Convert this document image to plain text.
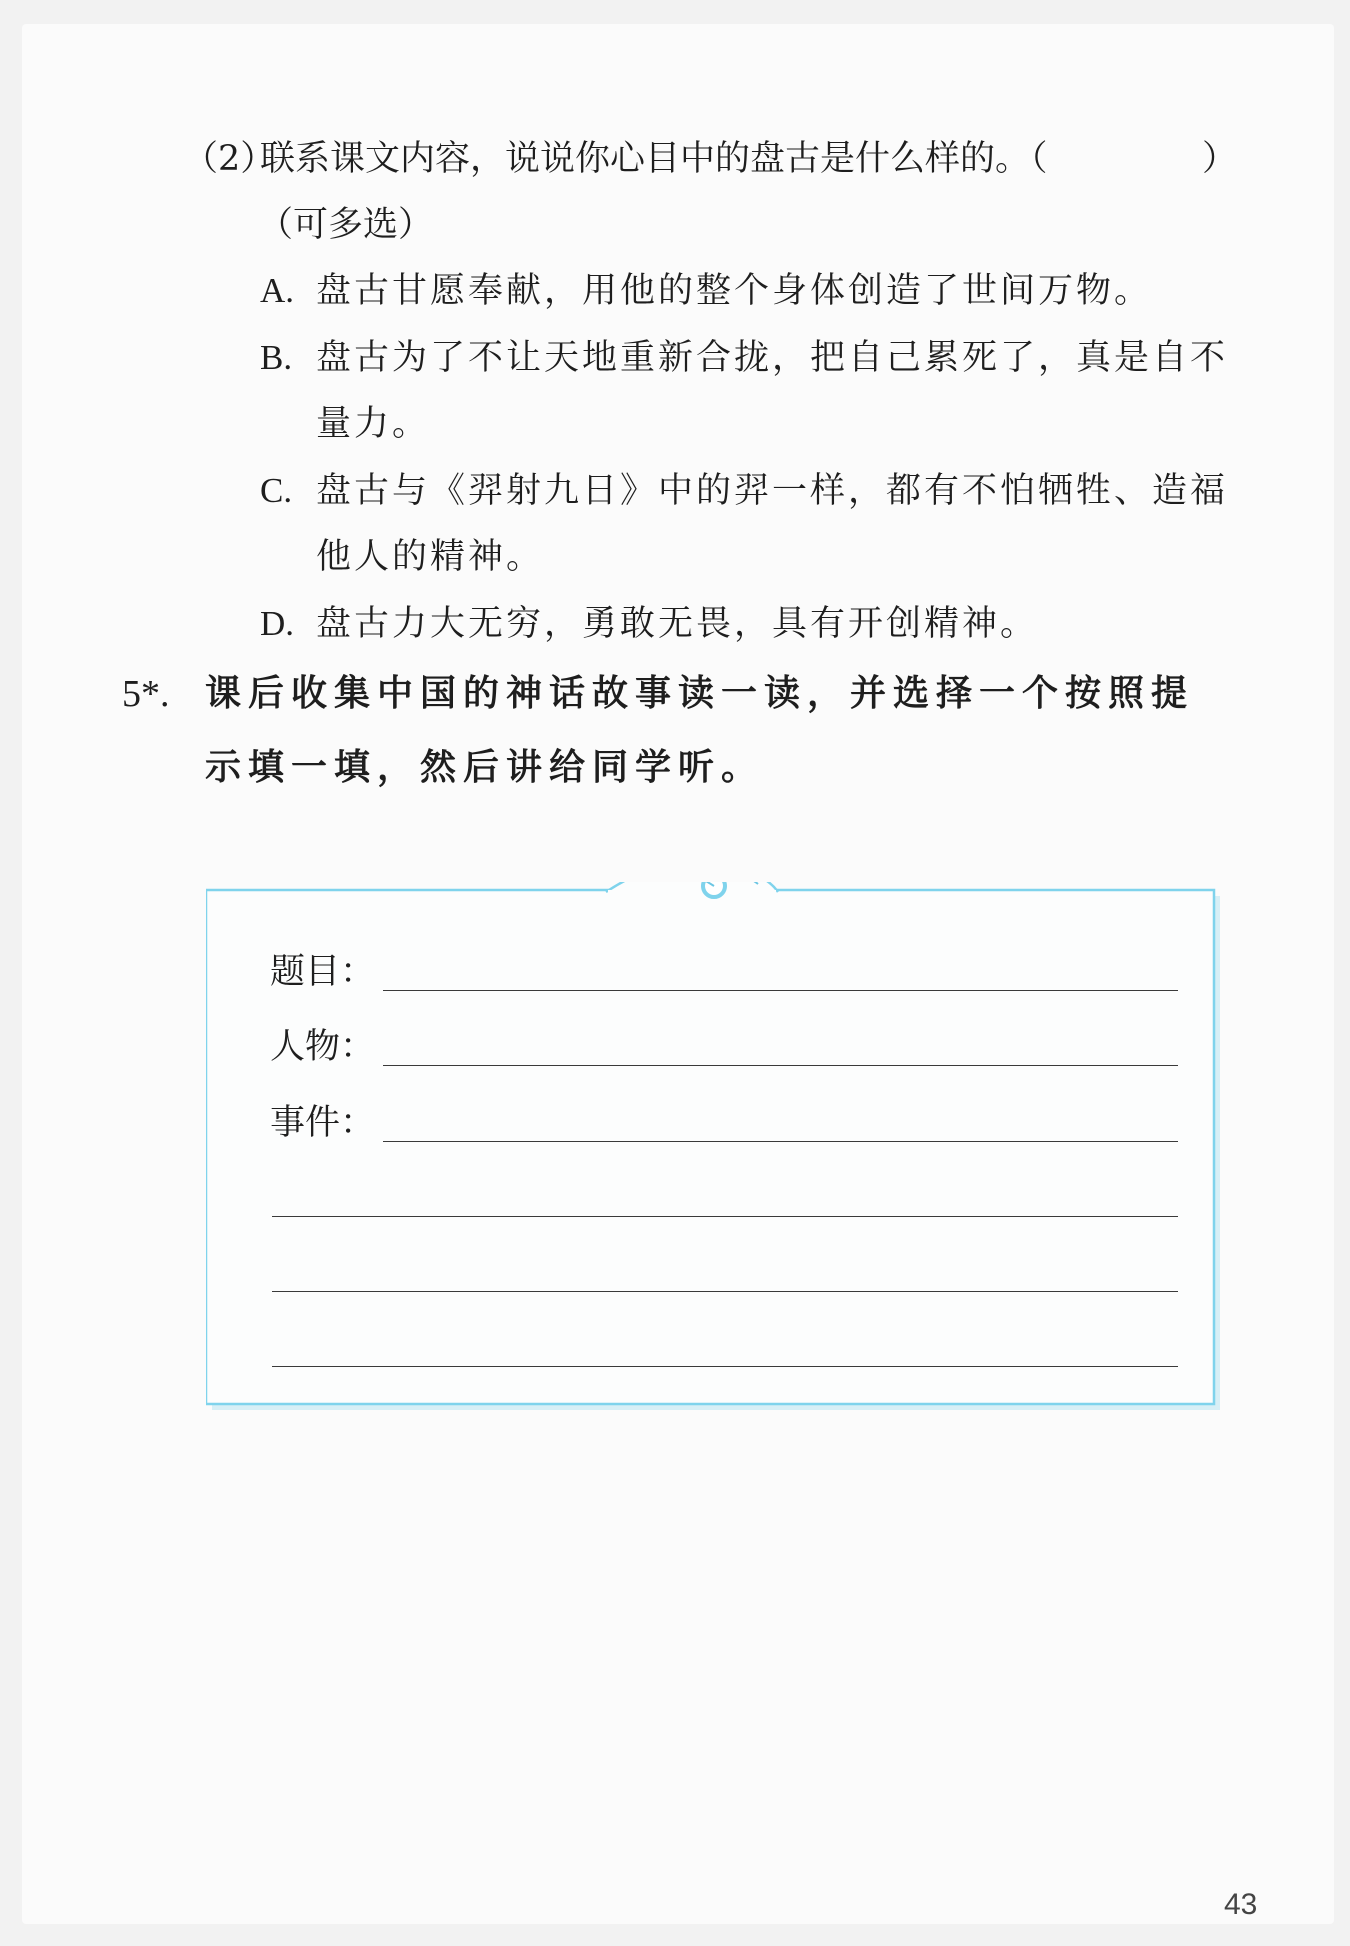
（2）
联系课文内容，说说你心目中的盘古是什么样的。（	）
（可多选）
A. 盘古甘愿奉献，用他的整个身体创造了世间万物。
B. 盘古为了不让天地重新合拢，把自己累死了，真是自不
量力。
C. 盘古与《羿射九日》中的羿一样，都有不怕牺牲、造福
他人的精神。
D. 盘古力大无穷，勇敢无畏，具有开创精神。
5*. 课后收集中国的神话故事读一读，并选择一个按照提
示填一填，然后讲给同学听。
题目：
人物：
事件：
43
